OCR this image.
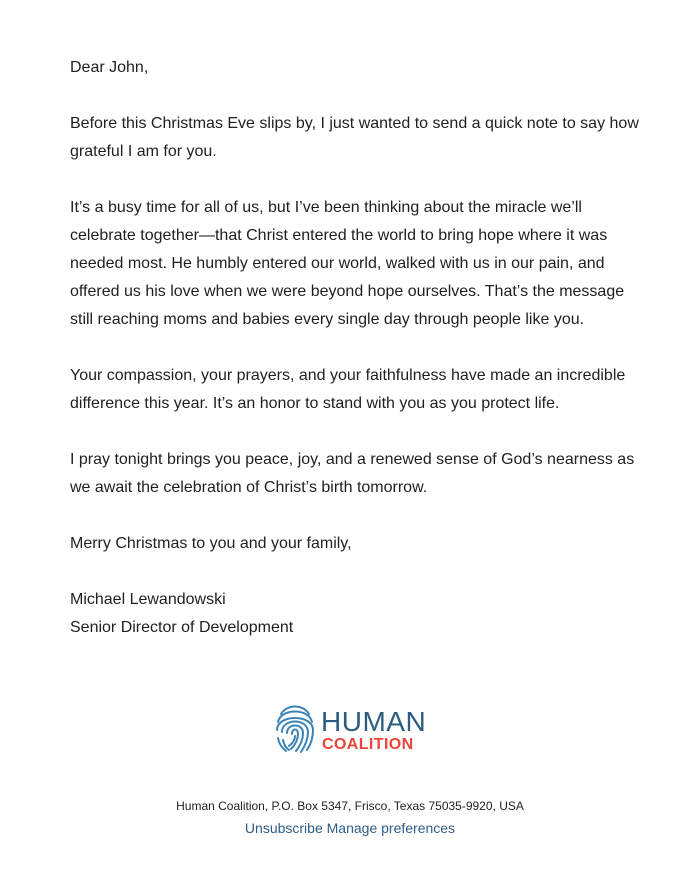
Dear John,

Before this Christmas Eve slips by, I just wanted to send a quick note to say how grateful I am for you.

It’s a busy time for all of us, but I’ve been thinking about the miracle we’ll celebrate together—that Christ entered the world to bring hope where it was needed most. He humbly entered our world, walked with us in our pain, and offered us his love when we were beyond hope ourselves. That’s the message still reaching moms and babies every single day through people like you.

Your compassion, your prayers, and your faithfulness have made an incredible difference this year. It’s an honor to stand with you as you protect life.

I pray tonight brings you peace, joy, and a renewed sense of God’s nearness as we await the celebration of Christ’s birth tomorrow.

Merry Christmas to you and your family,

Michael Lewandowski

Senior Director of Development

HUMAN
COALITION
Human Coalition, P.O. Box 5347, Frisco, Texas 75035-9920, USA
Unsubscribe Manage preferences
